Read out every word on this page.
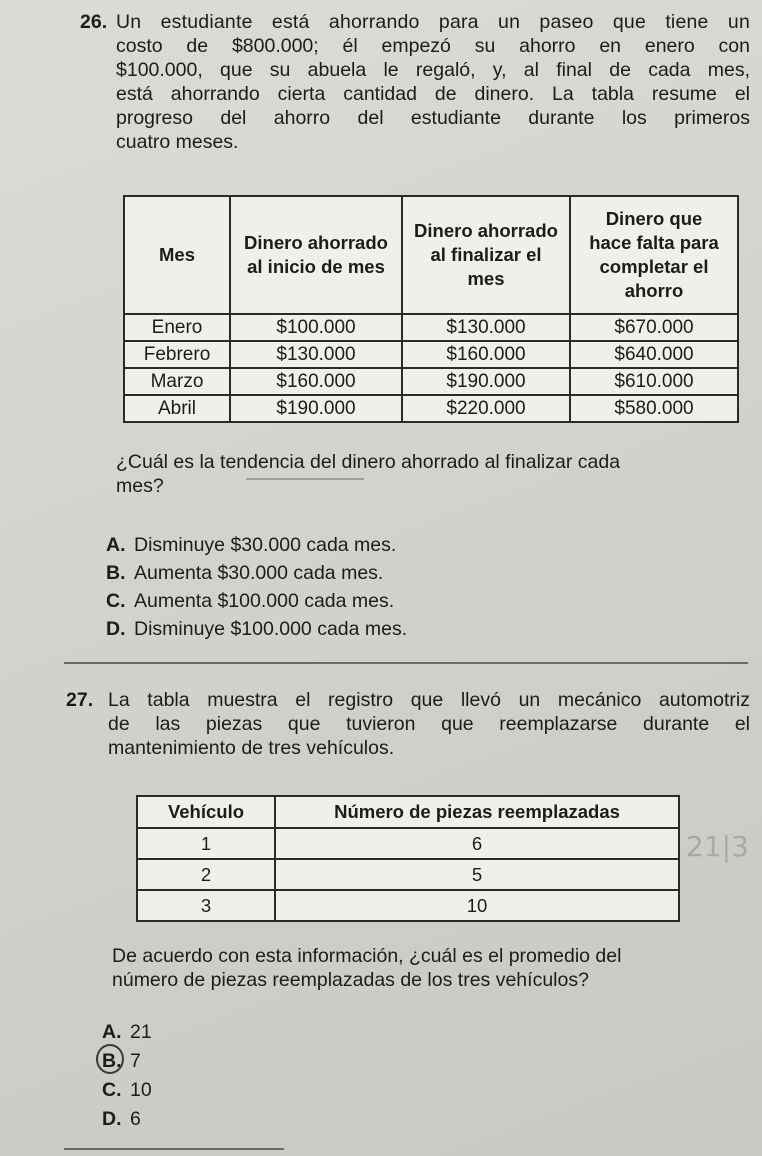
26. Un estudiante está ahorrando para un paseo que tiene un
costo de $800.000; él empezó su ahorro en enero con
$100.000, que su abuela le regaló, y, al final de cada mes,
está ahorrando cierta cantidad de dinero. La tabla resume el
progreso del ahorro del estudiante durante los primeros
cuatro meses.
Mes	Dinero ahorrado al inicio de mes	Dinero ahorrado al finalizar el mes	Dinero que hace falta para completar el ahorro
Enero	$100.000	$130.000	$670.000
Febrero	$130.000	$160.000	$640.000
Marzo	$160.000	$190.000	$610.000
Abril	$190.000	$220.000	$580.000
¿Cuál es la tendencia del dinero ahorrado al finalizar cada
mes?
A. Disminuye $30.000 cada mes.
B. Aumenta $30.000 cada mes.
C. Aumenta $100.000 cada mes.
D. Disminuye $100.000 cada mes.
27. La tabla muestra el registro que llevó un mecánico automotriz
de las piezas que tuvieron que reemplazarse durante el
mantenimiento de tres vehículos.
Vehículo	Número de piezas reemplazadas
1	6
2	5
3	10
21|3
De acuerdo con esta información, ¿cuál es el promedio del
número de piezas reemplazadas de los tres vehículos?
A. 21
B. 7
C. 10
D. 6
